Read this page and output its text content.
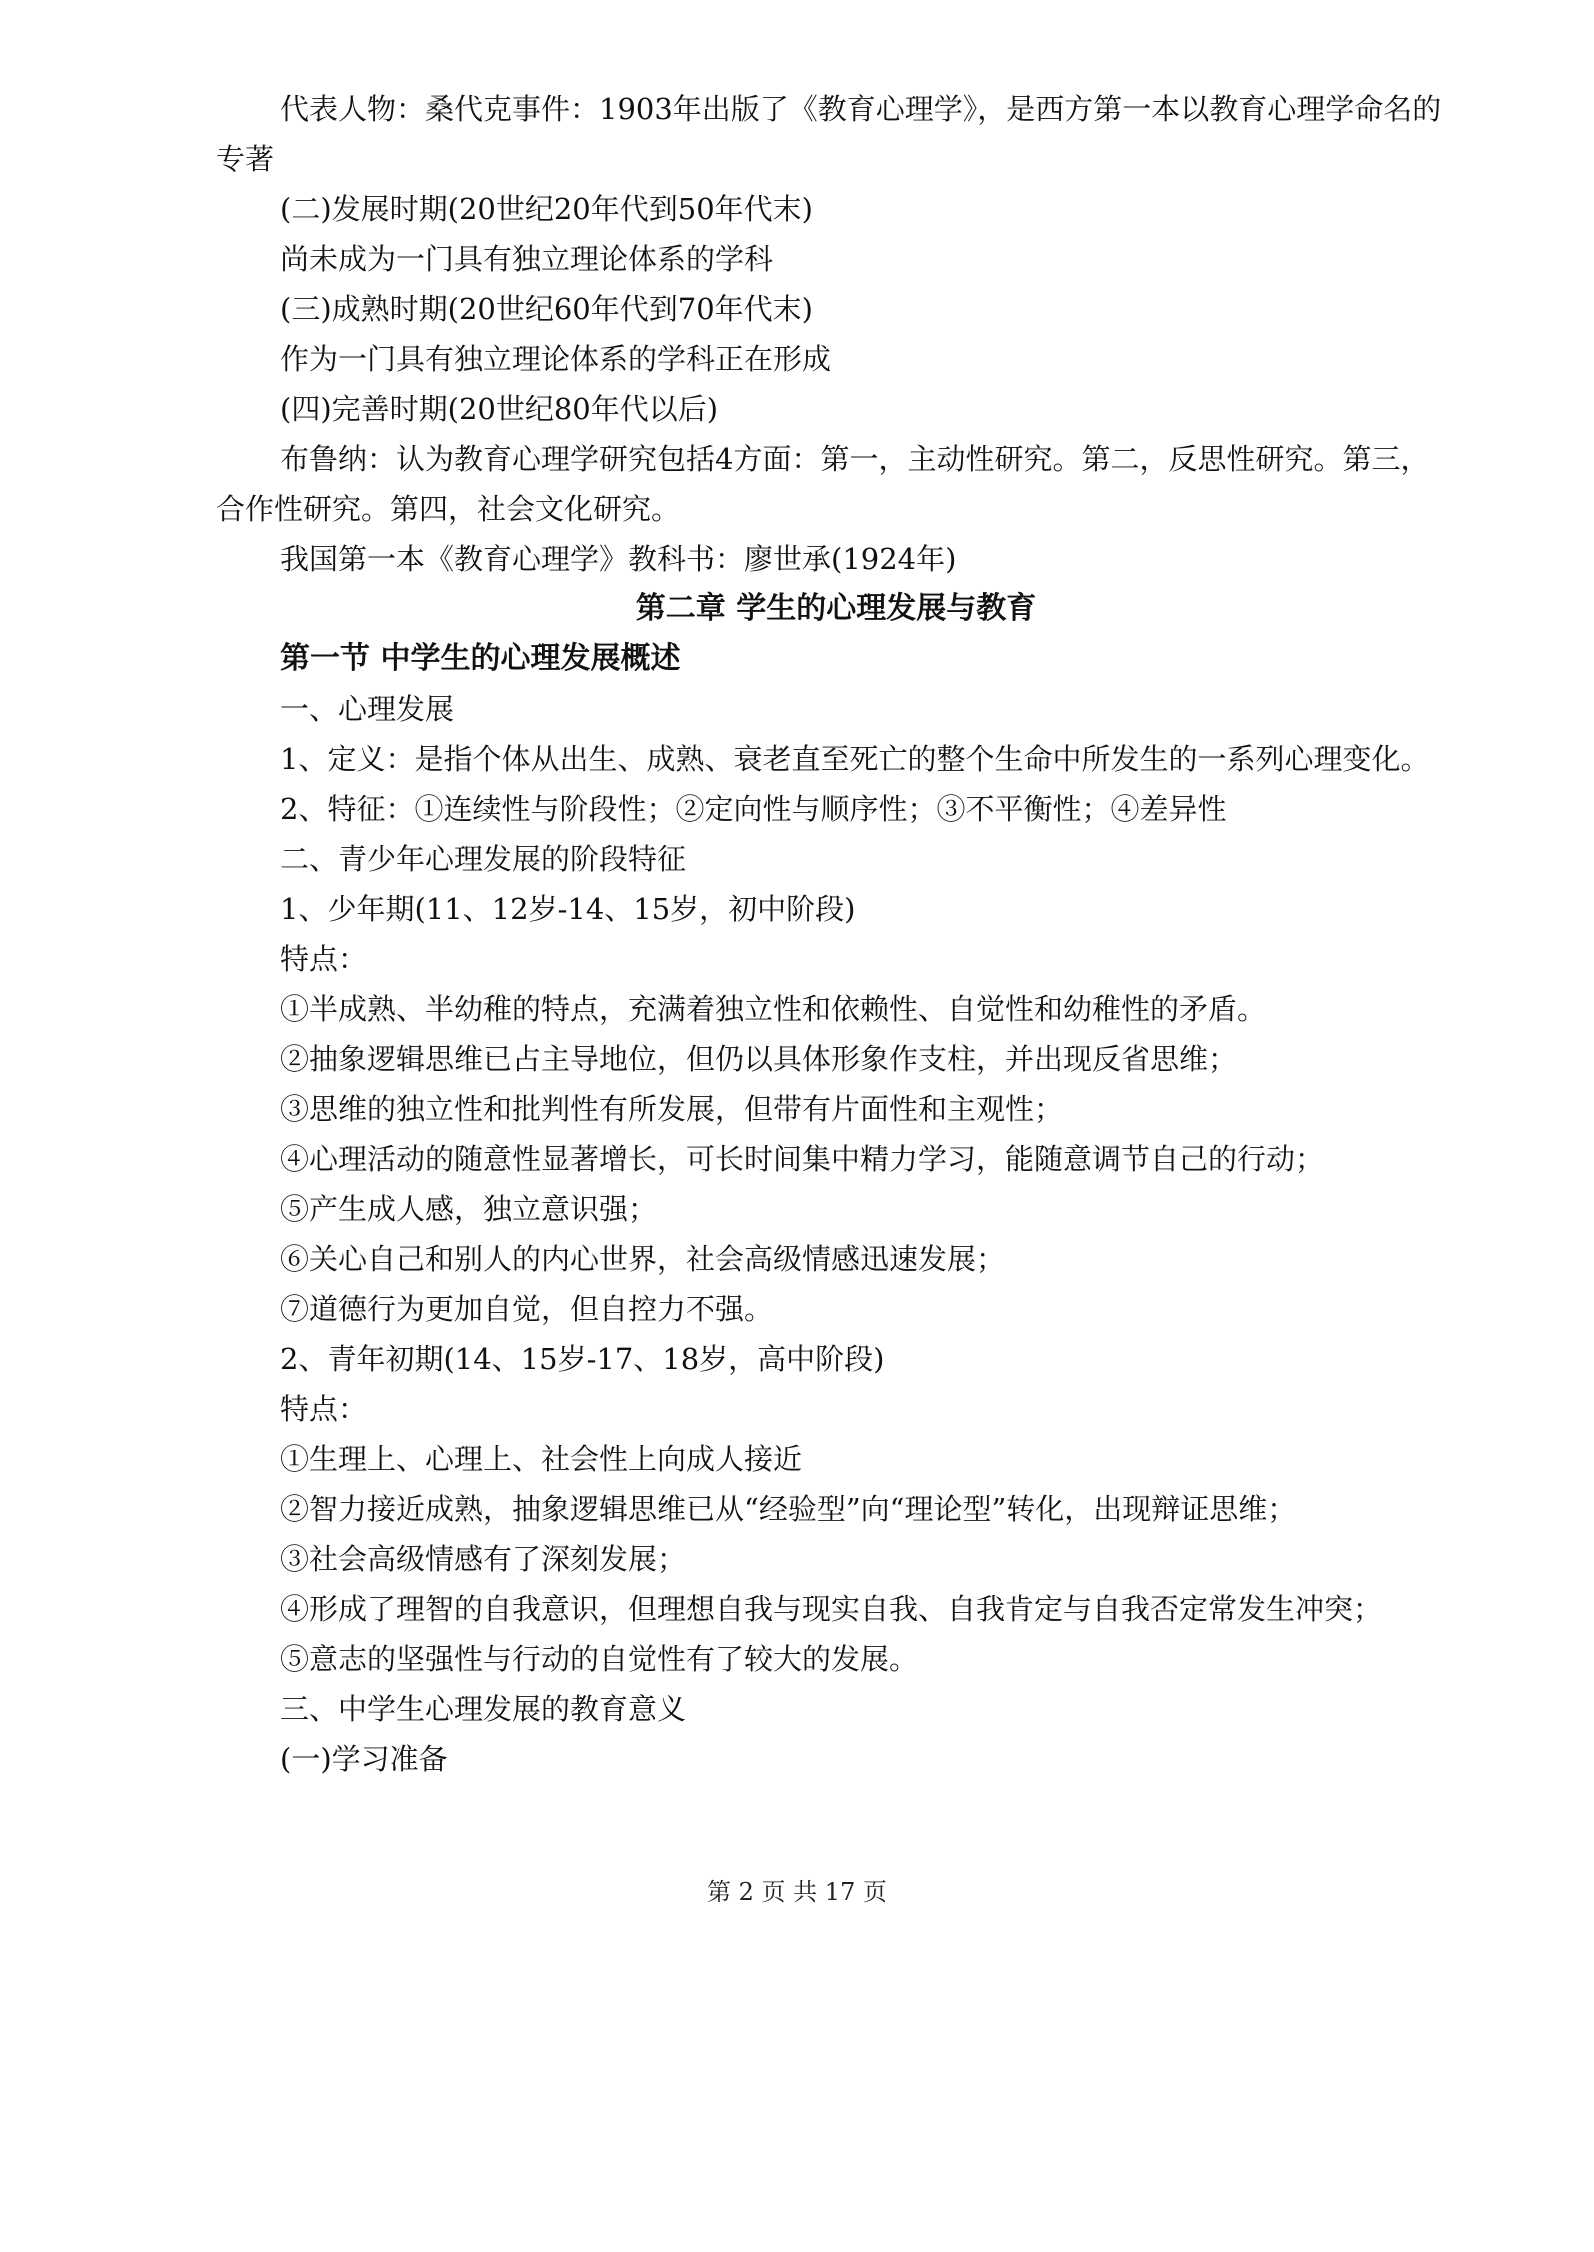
代表人物：桑代克事件：1903年出版了《教育心理学》，是西方第一本以教育心理学命名的专著

(二)发展时期(20世纪20年代到50年代末)

尚未成为一门具有独立理论体系的学科

(三)成熟时期(20世纪60年代到70年代末)

作为一门具有独立理论体系的学科正在形成

(四)完善时期(20世纪80年代以后)

布鲁纳：认为教育心理学研究包括4方面：第一，主动性研究。第二，反思性研究。第三，合作性研究。第四，社会文化研究。

我国第一本《教育心理学》教科书：廖世承(1924年)

第二章 学生的心理发展与教育

第一节 中学生的心理发展概述

一、心理发展

1、定义：是指个体从出生、成熟、衰老直至死亡的整个生命中所发生的一系列心理变化。

2、特征：①连续性与阶段性；②定向性与顺序性；③不平衡性；④差异性

二、青少年心理发展的阶段特征

1、少年期(11、12岁-14、15岁，初中阶段)

特点：

①半成熟、半幼稚的特点，充满着独立性和依赖性、自觉性和幼稚性的矛盾。

②抽象逻辑思维已占主导地位，但仍以具体形象作支柱，并出现反省思维；

③思维的独立性和批判性有所发展，但带有片面性和主观性；

④心理活动的随意性显著增长，可长时间集中精力学习，能随意调节自己的行动；

⑤产生成人感，独立意识强；

⑥关心自己和别人的内心世界，社会高级情感迅速发展；

⑦道德行为更加自觉，但自控力不强。

2、青年初期(14、15岁-17、18岁，高中阶段)

特点：

①生理上、心理上、社会性上向成人接近

②智力接近成熟，抽象逻辑思维已从“经验型”向“理论型”转化，出现辩证思维；

③社会高级情感有了深刻发展；

④形成了理智的自我意识，但理想自我与现实自我、自我肯定与自我否定常发生冲突；

⑤意志的坚强性与行动的自觉性有了较大的发展。

三、中学生心理发展的教育意义

(一)学习准备

第 2 页 共 17 页
